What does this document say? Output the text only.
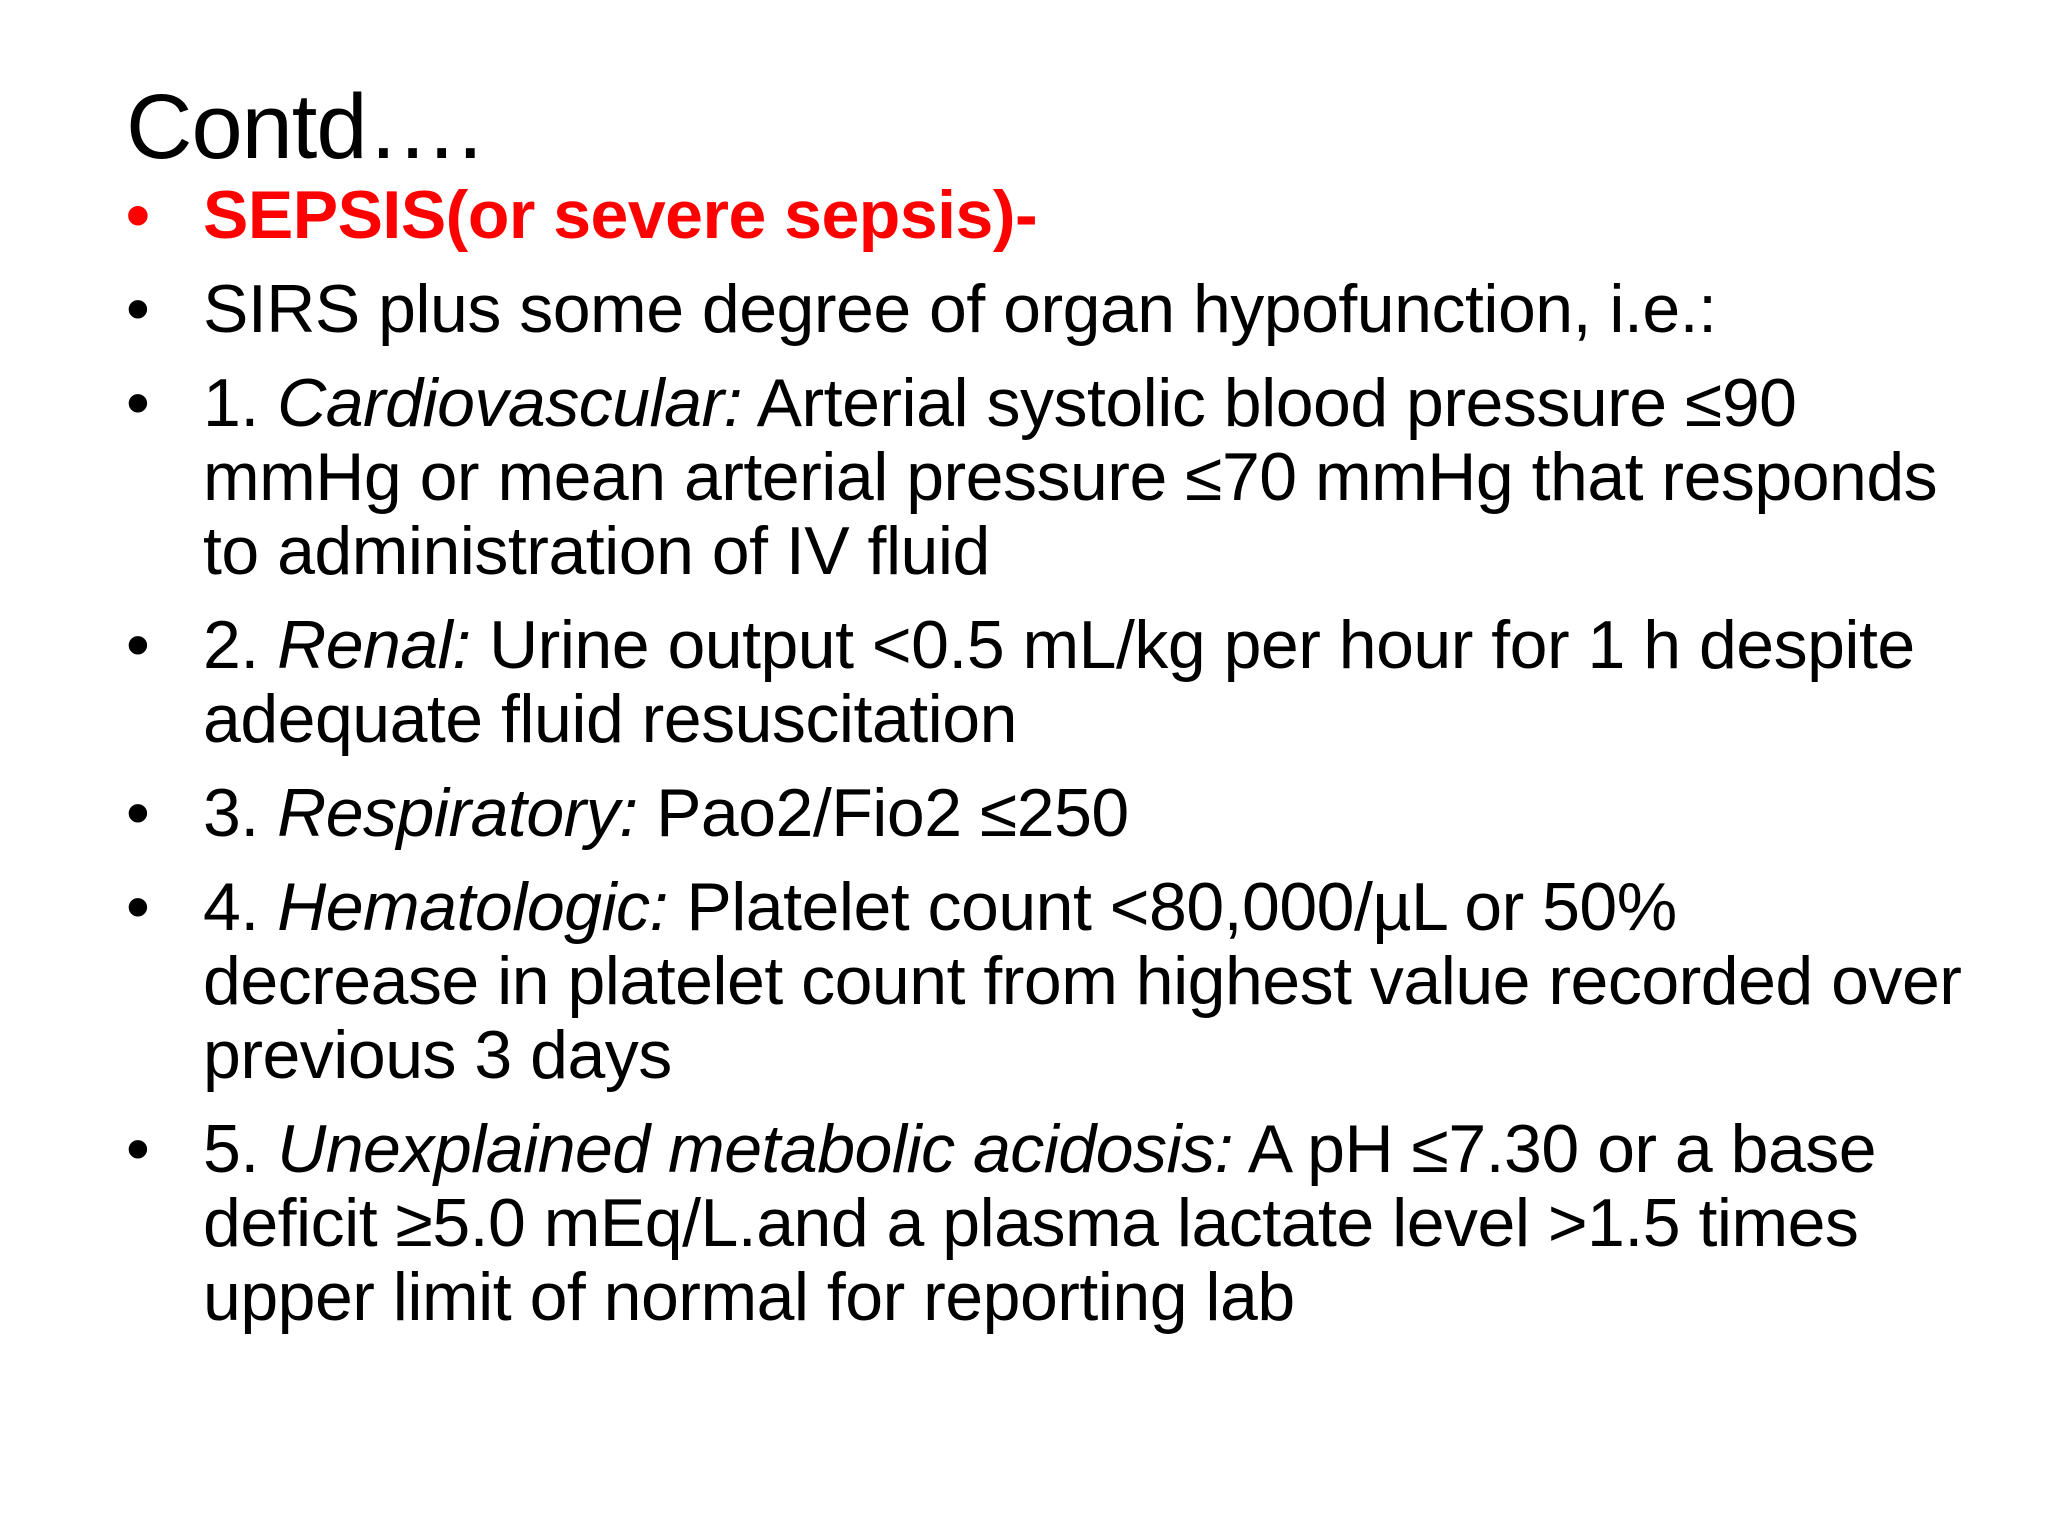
Contd….
• SEPSIS(or severe sepsis)-
• SIRS plus some degree of organ hypofunction, i.e.:
• 1. Cardiovascular: Arterial systolic blood pressure ≤90 mmHg or mean arterial pressure ≤70 mmHg that responds to administration of IV fluid
• 2. Renal: Urine output <0.5 mL/kg per hour for 1 h despite adequate fluid resuscitation
• 3. Respiratory: Pao2/Fio2 ≤250
• 4. Hematologic: Platelet count <80,000/µL or 50% decrease in platelet count from highest value recorded over previous 3 days
• 5. Unexplained metabolic acidosis: A pH ≤7.30 or a base deficit ≥5.0 mEq/L.and a plasma lactate level >1.5 times upper limit of normal for reporting lab
